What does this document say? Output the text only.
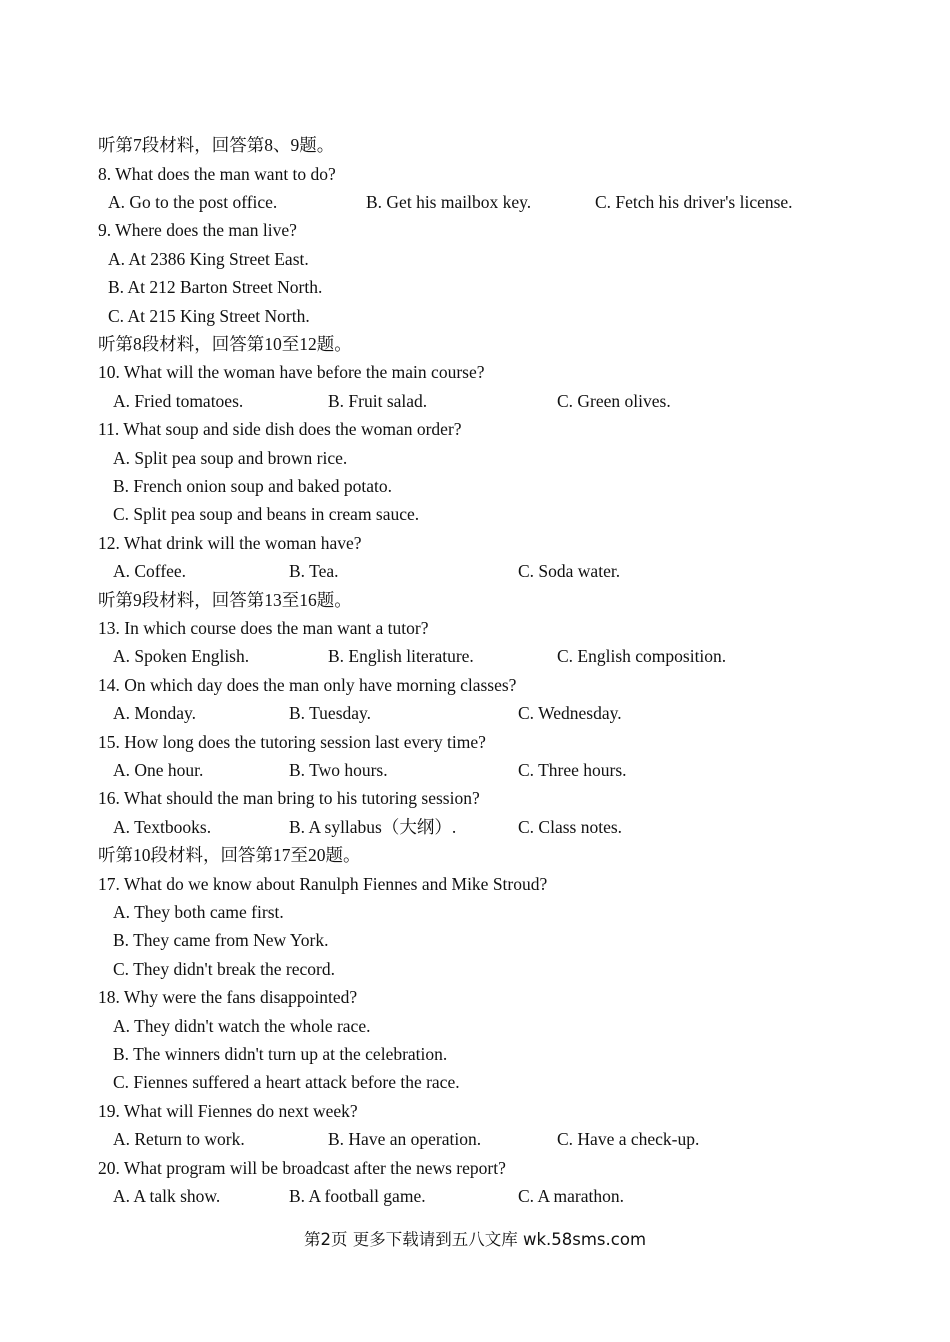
听第7段材料，回答第8、9题。
8. What does the man want to do?
A. Go to the post office.	B. Get his mailbox key.	C. Fetch his driver's license.
9. Where does the man live?
A. At 2386 King Street East.
B. At 212 Barton Street North.
C. At 215 King Street North.
听第8段材料，回答第10至12题。
10. What will the woman have before the main course?
A. Fried tomatoes.	B. Fruit salad.	C. Green olives.
11. What soup and side dish does the woman order?
A. Split pea soup and brown rice.
B. French onion soup and baked potato.
C. Split pea soup and beans in cream sauce.
12. What drink will the woman have?
A. Coffee.	B. Tea.	C. Soda water.
听第9段材料，回答第13至16题。
13. In which course does the man want a tutor?
A. Spoken English.	B. English literature.	C. English composition.
14. On which day does the man only have morning classes?
A. Monday.	B. Tuesday.	C. Wednesday.
15. How long does the tutoring session last every time?
A. One hour.	B. Two hours.	C. Three hours.
16. What should the man bring to his tutoring session?
A. Textbooks.	B. A syllabus（大纲）.	C. Class notes.
听第10段材料，回答第17至20题。
17. What do we know about Ranulph Fiennes and Mike Stroud?
A. They both came first.
B. They came from New York.
C. They didn't break the record.
18. Why were the fans disappointed?
A. They didn't watch the whole race.
B. The winners didn't turn up at the celebration.
C. Fiennes suffered a heart attack before the race.
19. What will Fiennes do next week?
A. Return to work.	B. Have an operation.	C. Have a check-up.
20. What program will be broadcast after the news report?
A. A talk show.	B. A football game.	C. A marathon.
第2页 更多下载请到五八文库 wk.58sms.com
